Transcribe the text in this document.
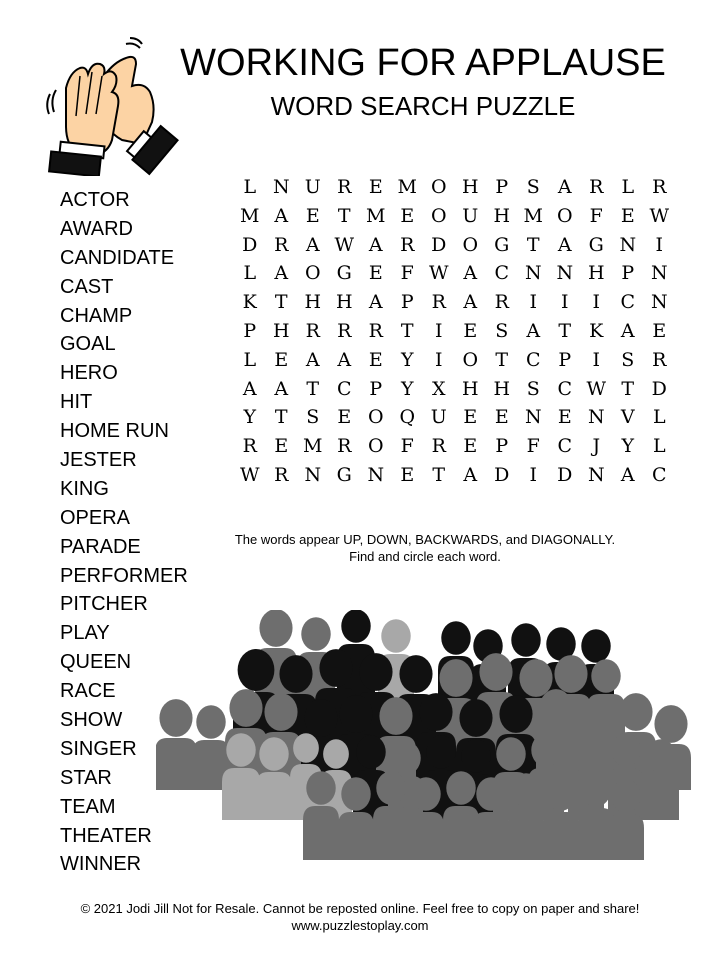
WORKING FOR APPLAUSE
WORD SEARCH PUZZLE
ACTOR
AWARD
CANDIDATE
CAST
CHAMP
GOAL
HERO
HIT
HOME RUN
JESTER
KING
OPERA
PARADE
PERFORMER
PITCHER
PLAY
QUEEN
RACE
SHOW
SINGER
STAR
TEAM
THEATER
WINNER
L N U R E M O H P S A R L R
M A E T M E O U H M O F E W
D R A W A R D O G T A G N	I
L A O G E F W A C N N H P N
K T H H A P R A R	I	I	I	C N
P H R R R T	I	E S A T K A E
L E A A E Y	I	O T C P	I	S R
A A T C P Y X H H S C W T D
Y T S E O Q U E E N E N V L
R E M R O F R E P F C	J	Y L
W R N G N E T A D	I	D N A C
The words appear UP, DOWN, BACKWARDS, and DIAGONALLY.
Find and circle each word.
© 2021 Jodi Jill Not for Resale. Cannot be reposted online. Feel free to copy on paper and share!
www.puzzlestoplay.com
